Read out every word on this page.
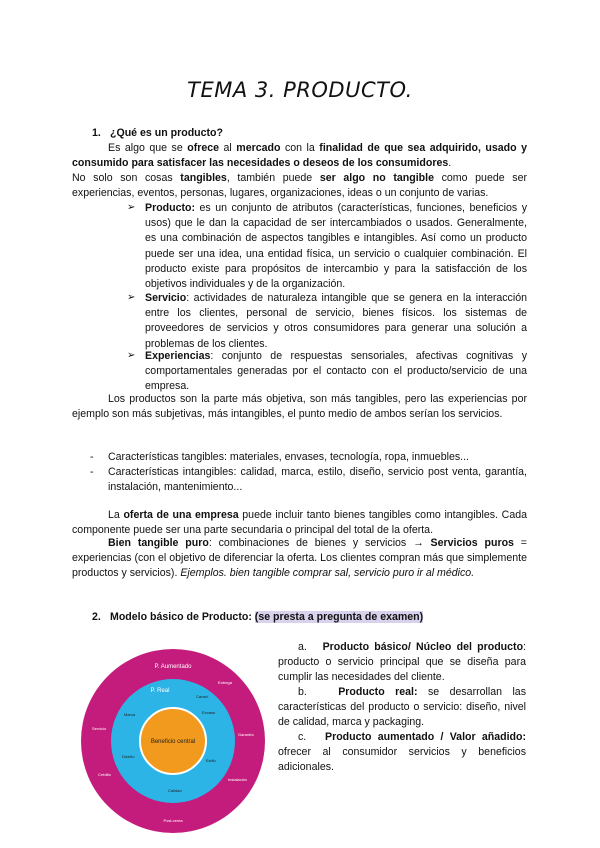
TEMA 3. PRODUCTO.
1. ¿Qué es un producto?
Es algo que se ofrece al mercado con la finalidad de que sea adquirido, usado y consumido para satisfacer las necesidades o deseos de los consumidores.
No solo son cosas tangibles, también puede ser algo no tangible como puede ser experiencias, eventos, personas, lugares, organizaciones, ideas o un conjunto de varias.
➢ Producto: es un conjunto de atributos (características, funciones, beneficios y usos) que le dan la capacidad de ser intercambiados o usados. Generalmente, es una combinación de aspectos tangibles e intangibles. Así como un producto puede ser una idea, una entidad física, un servicio o cualquier combinación. El producto existe para propósitos de intercambio y para la satisfacción de los objetivos individuales y de la organización.
➢ Servicio: actividades de naturaleza intangible que se genera en la interacción entre los clientes, personal de servicio, bienes físicos. los sistemas de proveedores de servicios y otros consumidores para generar una solución a problemas de los clientes.
➢ Experiencias: conjunto de respuestas sensoriales, afectivas cognitivas y comportamentales generadas por el contacto con el producto/servicio de una empresa.
Los productos son la parte más objetiva, son más tangibles, pero las experiencias por ejemplo son más subjetivas, más intangibles, el punto medio de ambos serían los servicios.
- Características tangibles: materiales, envases, tecnología, ropa, inmuebles...
- Características intangibles: calidad, marca, estilo, diseño, servicio post venta, garantía, instalación, mantenimiento...
La oferta de una empresa puede incluir tanto bienes tangibles como intangibles. Cada componente puede ser una parte secundaria o principal del total de la oferta.
Bien tangible puro: combinaciones de bienes y servicios → Servicios puros = experiencias (con el objetivo de diferenciar la oferta. Los clientes compran más que simplemente productos y servicios). Ejemplos. bien tangible comprar sal, servicio puro ir al médico.
2. Modelo básico de Producto: (se presta a pregunta de examen)
P. Aumentado
P. Real
Beneficio central
Entrega
Servicio
Garantía
Instalación
Crédito
Post-venta
Marca	Envase
Diseño
Estilo
Calidad
Caract.
a. Producto básico/ Núcleo del producto: producto o servicio principal que se diseña para cumplir las necesidades del cliente.
b.	Producto real: se desarrollan las características del producto o servicio: diseño, nivel de calidad, marca y packaging.
c. Producto aumentado / Valor añadido: ofrecer al consumidor servicios y beneficios adicionales.
